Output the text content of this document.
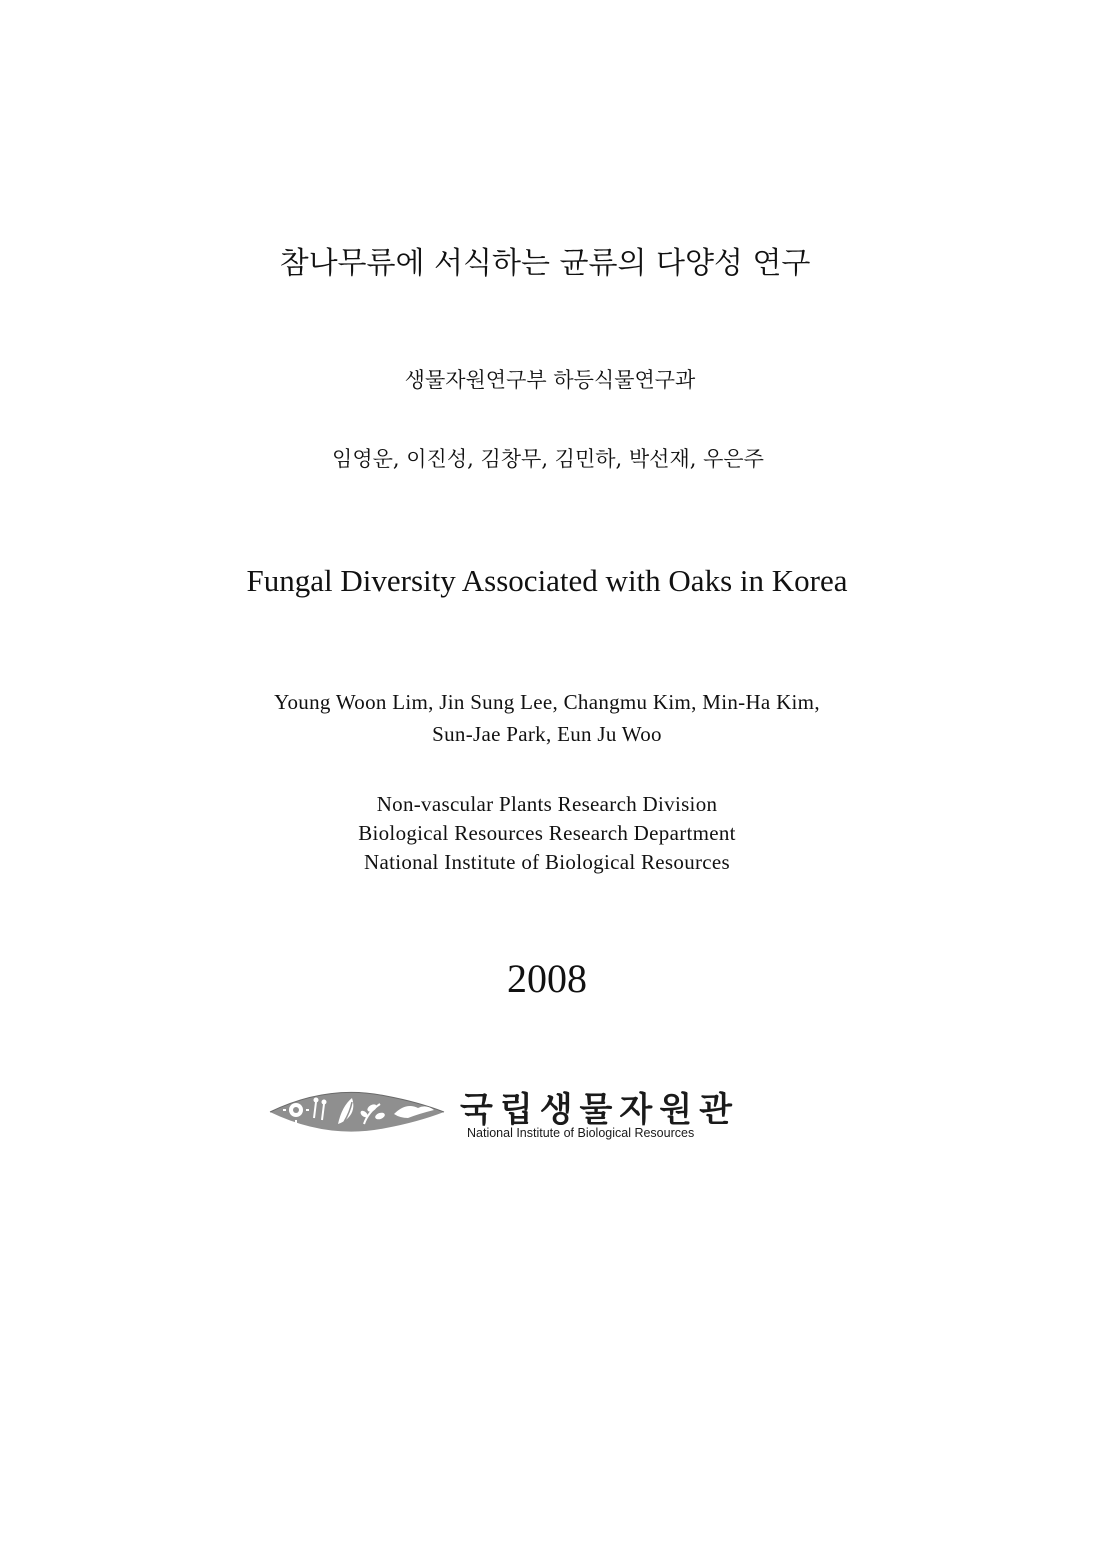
참나무류에 서식하는 균류의 다양성 연구
생물자원연구부 하등식물연구과
임영운, 이진성, 김창무, 김민하, 박선재, 우은주
Fungal Diversity Associated with Oaks in Korea
Young Woon Lim, Jin Sung Lee, Changmu Kim, Min-Ha Kim,
Sun-Jae Park, Eun Ju Woo
Non-vascular Plants Research Division
Biological Resources Research Department
National Institute of Biological Resources
2008
국립생물자원관
National Institute of Biological Resources
